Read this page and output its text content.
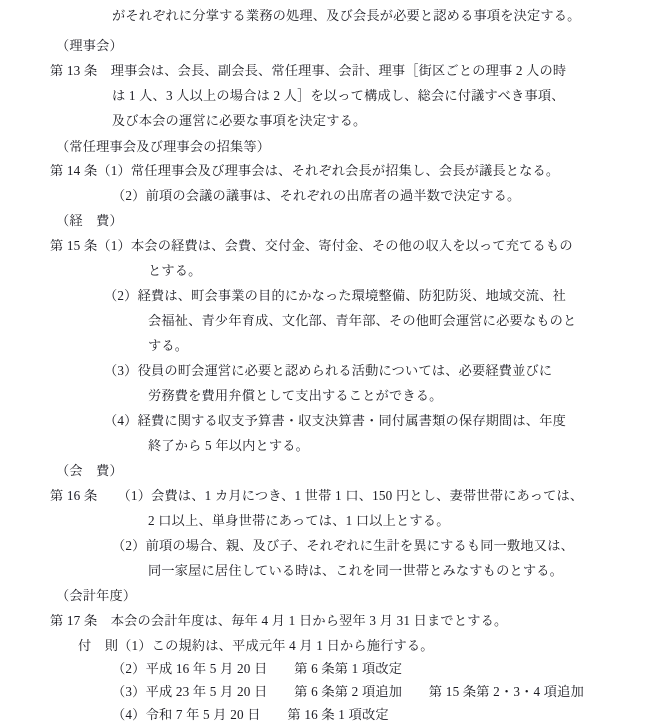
がそれぞれに分掌する業務の処理、及び会長が必要と認める事項を決定する。
（理事会）
第 13 条　理事会は、会長、副会長、常任理事、会計、理事［街区ごとの理事 2 人の時
は 1 人、3 人以上の場合は 2 人］を以って構成し、総会に付議すべき事項、
及び本会の運営に必要な事項を決定する。
（常任理事会及び理事会の招集等）
第 14 条（1）常任理事会及び理事会は、それぞれ会長が招集し、会長が議長となる。
（2）前項の会議の議事は、それぞれの出席者の過半数で決定する。
（経　費）
第 15 条（1）本会の経費は、会費、交付金、寄付金、その他の収入を以って充てるもの
とする。
（2）経費は、町会事業の目的にかなった環境整備、防犯防災、地域交流、社
会福祉、青少年育成、文化部、青年部、その他町会運営に必要なものと
する。
（3）役員の町会運営に必要と認められる活動については、必要経費並びに
労務費を費用弁償として支出することができる。
（4）経費に関する収支予算書・収支決算書・同付属書類の保存期間は、年度
終了から 5 年以内とする。
（会　費）
第 16 条　　（1）会費は、1 カ月につき、1 世帯 1 口、150 円とし、妻帯世帯にあっては、
2 口以上、単身世帯にあっては、1 口以上とする。
（2）前項の場合、親、及び子、それぞれに生計を異にするも同一敷地又は、
同一家屋に居住している時は、これを同一世帯とみなすものとする。
（会計年度）
第 17 条　本会の会計年度は、毎年 4 月 1 日から翌年 3 月 31 日までとする。
付　則（1）この規約は、平成元年 4 月 1 日から施行する。
（2）平成 16 年 5 月 20 日　　第 6 条第 1 項改定
（3）平成 23 年 5 月 20 日　　第 6 条第 2 項追加　　第 15 条第 2・3・4 項追加
（4）令和 7 年 5 月 20 日　　第 16 条 1 項改定
